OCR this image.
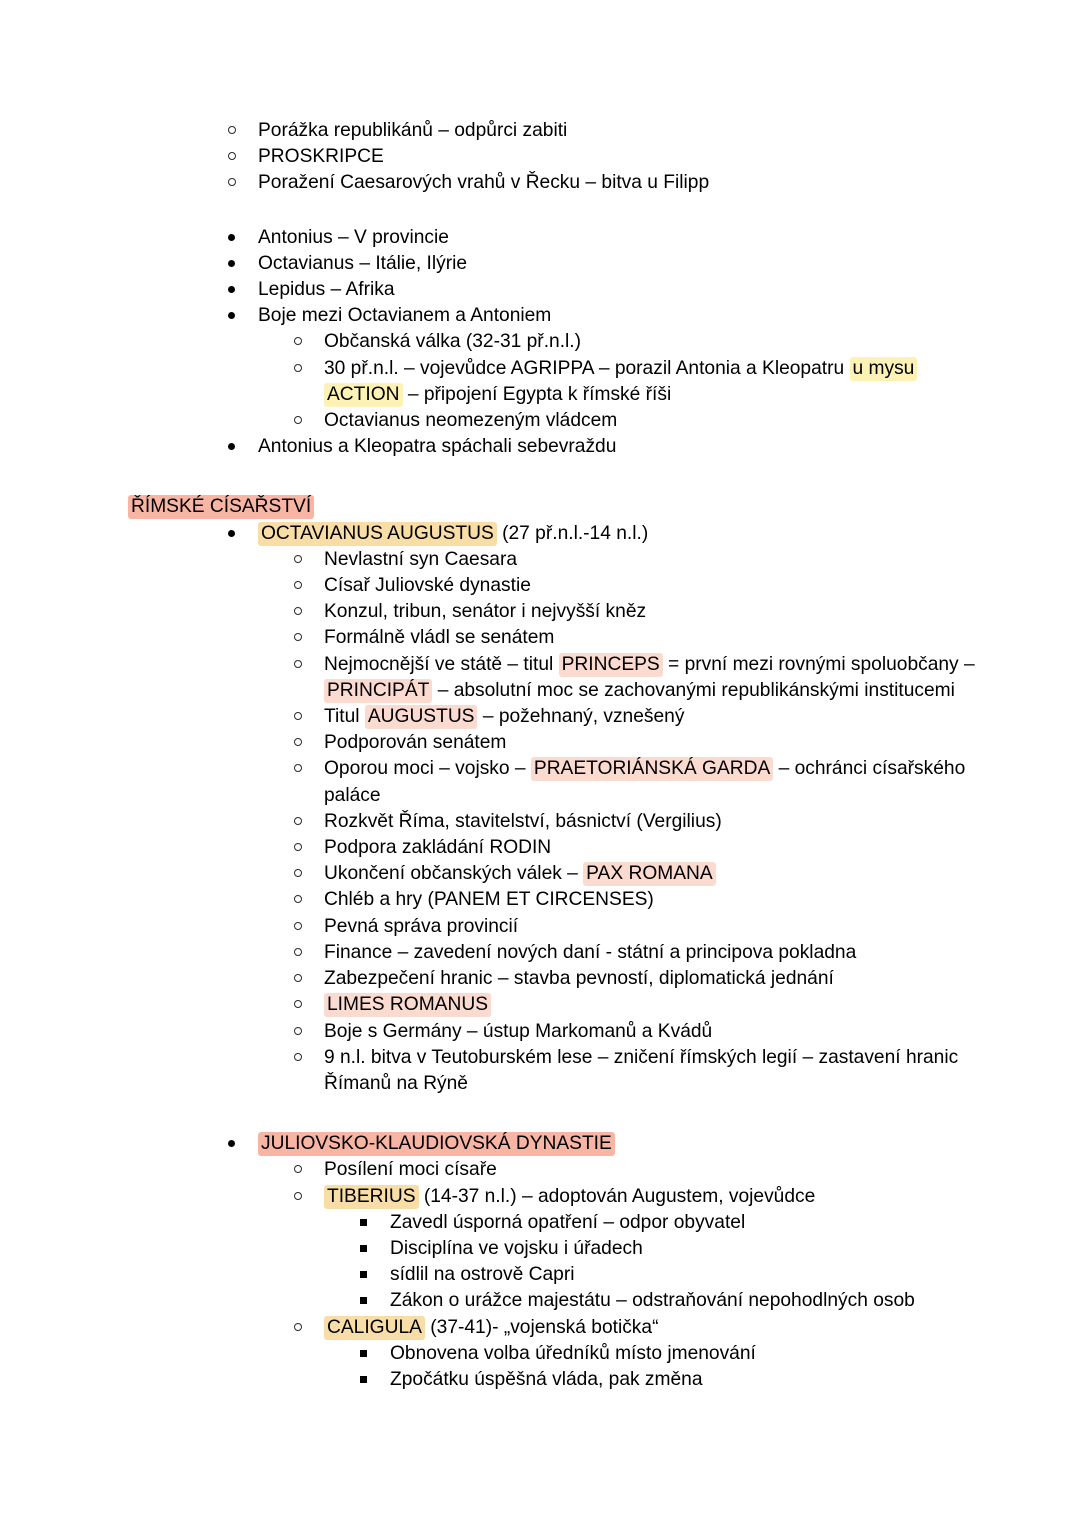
Porážka republikánů – odpůrci zabiti
PROSKRIPCE
Poražení Caesarových vrahů v Řecku – bitva u Filipp
Antonius – V provincie
Octavianus – Itálie, Ilýrie
Lepidus – Afrika
Boje mezi Octavianem a Antoniem
Občanská válka (32-31 př.n.l.)
30 př.n.l. – vojevůdce AGRIPPA – porazil Antonia a Kleopatru u mysu ACTION – připojení Egypta k římské říši
Octavianus neomezeným vládcem
Antonius a Kleopatra spáchali sebevraždu

ŘÍMSKÉ CÍSAŘSTVÍ

OCTAVIANUS AUGUSTUS (27 př.n.l.-14 n.l.)
Nevlastní syn Caesara
Císař Juliovské dynastie
Konzul, tribun, senátor i nejvyšší kněz
Formálně vládl se senátem
Nejmocnější ve státě – titul PRINCEPS = první mezi rovnými spoluobčany – PRINCIPÁT – absolutní moc se zachovanými republikánskými institucemi
Titul AUGUSTUS – požehnaný, vznešený
Podporován senátem
Oporou moci – vojsko – PRAETORIÁNSKÁ GARDA – ochránci císařského paláce
Rozkvět Říma, stavitelství, básnictví (Vergilius)
Podpora zakládání RODIN
Ukončení občanských válek – PAX ROMANA
Chléb a hry (PANEM ET CIRCENSES)
Pevná správa provincií
Finance – zavedení nových daní - státní a principova pokladna
Zabezpečení hranic – stavba pevností, diplomatická jednání
LIMES ROMANUS
Boje s Germány – ústup Markomanů a Kvádů
9 n.l. bitva v Teutoburském lese – zničení římských legií – zastavení hranic Římanů na Rýně
JULIOVSKO-KLAUDIOVSKÁ DYNASTIE
Posílení moci císaře
TIBERIUS (14-37 n.l.) – adoptován Augustem, vojevůdce
Zavedl úsporná opatření – odpor obyvatel
Disciplína ve vojsku i úřadech
sídlil na ostrově Capri
Zákon o urážce majestátu – odstraňování nepohodlných osob
CALIGULA (37-41)- „vojenská botička“
Obnovena volba úředníků místo jmenování
Zpočátku úspěšná vláda, pak změna
